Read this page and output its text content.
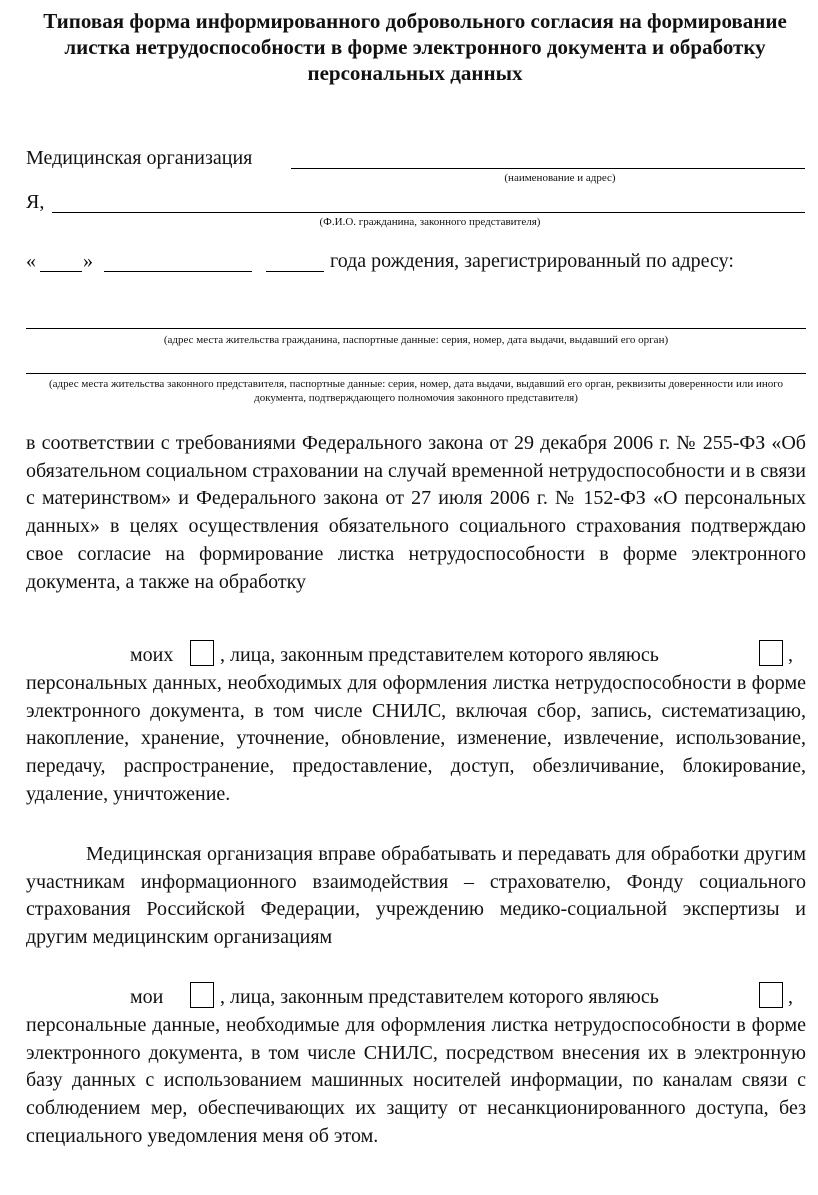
Типовая форма информированного добровольного согласия на формирование листка нетрудоспособности в форме электронного документа и обработку персональных данных
Медицинская организация
(наименование и адрес)
Я,
(Ф.И.О. гражданина, законного представителя)
« »	года рождения, зарегистрированный по адресу:
(адрес места жительства гражданина, паспортные данные: серия, номер, дата выдачи, выдавший его орган)
(адрес места жительства законного представителя, паспортные данные: серия, номер, дата выдачи, выдавший его орган, реквизиты доверенности или иного документа, подтверждающего полномочия законного представителя)

в соответствии с требованиями Федерального закона от 29 декабря 2006 г. № 255-ФЗ «Об обязательном социальном страховании на случай временной нетрудоспособности и в связи с материнством» и Федерального закона от 27 июля 2006 г. № 152-ФЗ «О персональных данных» в целях осуществления обязательного социального страхования подтверждаю свое согласие на формирование листка нетрудоспособности в форме электронного документа, а также на обработку

моих , лица, законным представителем которого являюсь	,

персональных данных, необходимых для оформления листка нетрудоспособности в форме электронного документа, в том числе СНИЛС, включая сбор, запись, систематизацию, накопление, хранение, уточнение, обновление, изменение, извлечение, использование, передачу, распространение, предоставление, доступ, обезличивание, блокирование, удаление, уничтожение.

Медицинская организация вправе обрабатывать и передавать для обработки другим участникам информационного взаимодействия – страхователю, Фонду социального страхования Российской Федерации, учреждению медико-социальной экспертизы и другим медицинским организациям

мои	, лица, законным представителем которого являюсь	,

персональные данные, необходимые для оформления листка нетрудоспособности в форме электронного документа, в том числе СНИЛС, посредством внесения их в электронную базу данных с использованием машинных носителей информации, по каналам связи с соблюдением мер, обеспечивающих их защиту от несанкционированного доступа, без специального уведомления меня об этом.
